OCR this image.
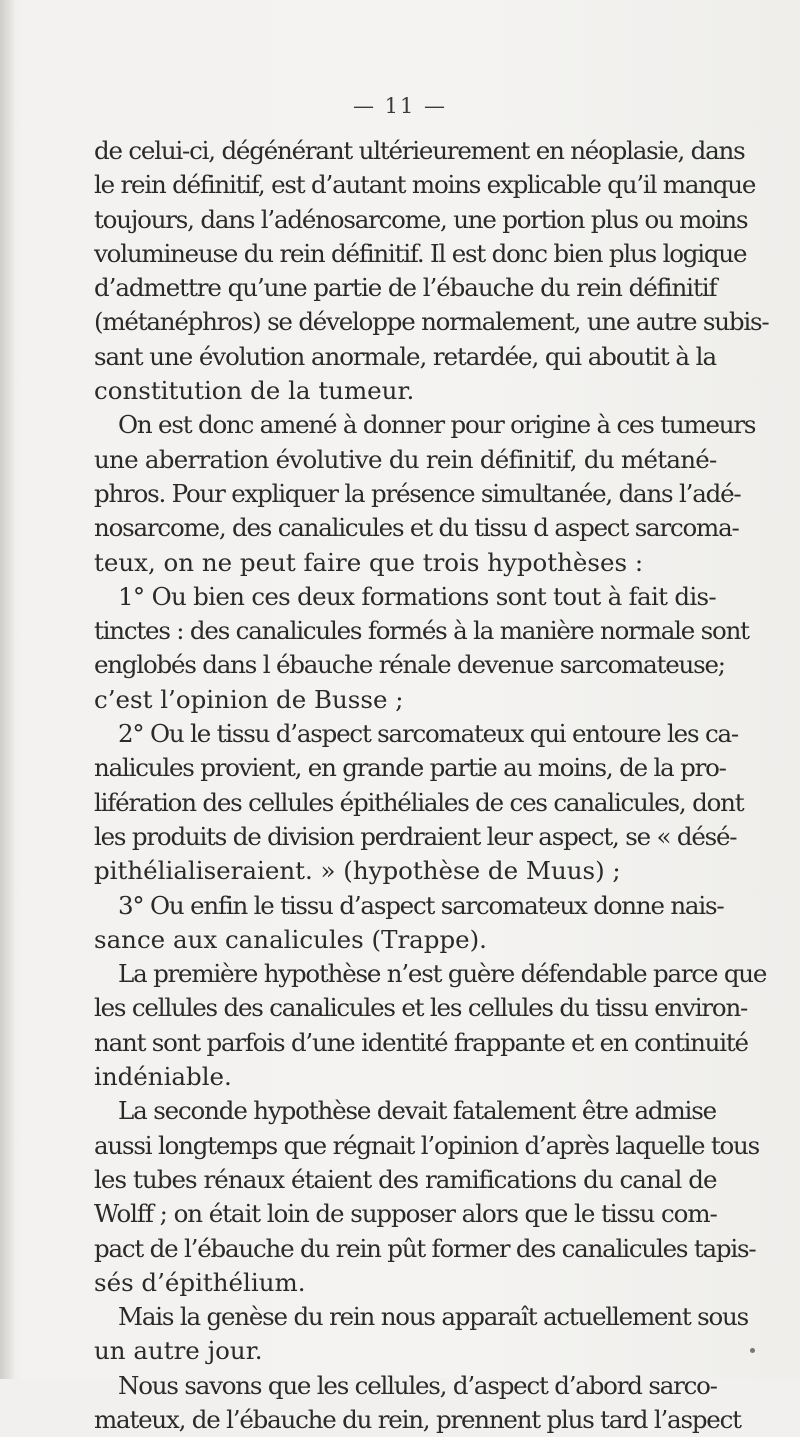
— 11 —
de celui-ci, dégénérant ultérieurement en néoplasie, dans
le rein définitif, est d’autant moins explicable qu’il manque
toujours, dans l’adénosarcome, une portion plus ou moins
volumineuse du rein définitif. Il est donc bien plus logique
d’admettre qu’une partie de l’ébauche du rein définitif
(métanéphros) se développe normalement, une autre subis-
sant une évolution anormale, retardée, qui aboutit à la
constitution de la tumeur.
On est donc amené à donner pour origine à ces tumeurs
une aberration évolutive du rein définitif, du métané-
phros. Pour expliquer la présence simultanée, dans l’adé-
nosarcome, des canalicules et du tissu d aspect sarcoma-
teux, on ne peut faire que trois hypothèses :
1° Ou bien ces deux formations sont tout à fait dis-
tinctes : des canalicules formés à la manière normale sont
englobés dans l ébauche rénale devenue sarcomateuse;
c’est l’opinion de Busse ;
2° Ou le tissu d’aspect sarcomateux qui entoure les ca-
nalicules provient, en grande partie au moins, de la pro-
lifération des cellules épithéliales de ces canalicules, dont
les produits de division perdraient leur aspect, se « désé-
pithélialiseraient. » (hypothèse de Muus) ;
3° Ou enfin le tissu d’aspect sarcomateux donne nais-
sance aux canalicules (Trappe).
La première hypothèse n’est guère défendable parce que
les cellules des canalicules et les cellules du tissu environ-
nant sont parfois d’une identité frappante et en continuité
indéniable.
La seconde hypothèse devait fatalement être admise
aussi longtemps que régnait l’opinion d’après laquelle tous
les tubes rénaux étaient des ramifications du canal de
Wolff ; on était loin de supposer alors que le tissu com-
pact de l’ébauche du rein pût former des canalicules tapis-
sés d’épithélium.
Mais la genèse du rein nous apparaît actuellement sous
un autre jour.
Nous savons que les cellules, d’aspect d’abord sarco-
mateux, de l’ébauche du rein, prennent plus tard l’aspect
